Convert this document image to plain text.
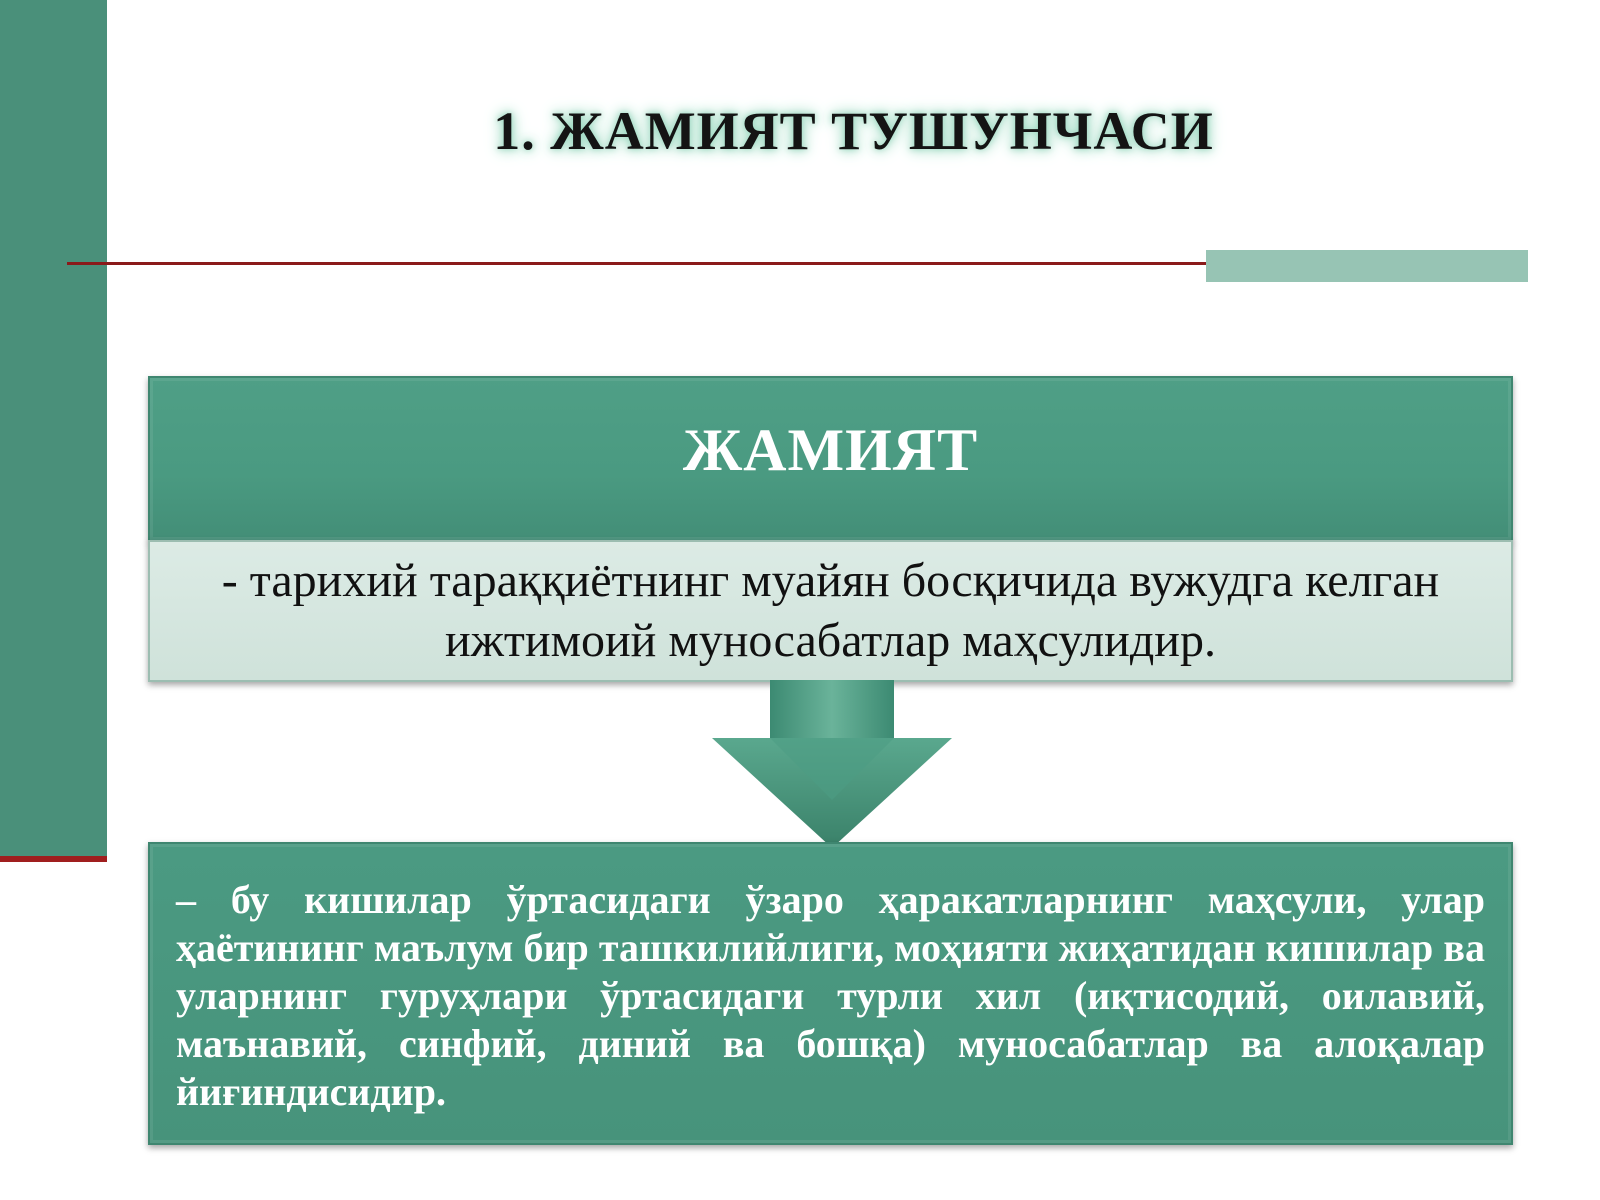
1. ЖАМИЯТ ТУШУНЧАСИ
ЖАМИЯТ
- тарихий тараққиётнинг муайян босқичида вужудга келган ижтимоий муносабатлар маҳсулидир.

– бу кишилар ўртасидаги ўзаро ҳаракатларнинг маҳсули, улар ҳаётининг маълум бир ташкилийлиги, моҳияти жиҳатидан кишилар ва уларнинг гуруҳлари ўртасидаги турли хил (иқтисодий, оилавий, маънавий, синфий, диний ва бошқа) муносабатлар ва алоқалар йиғиндисидир.
